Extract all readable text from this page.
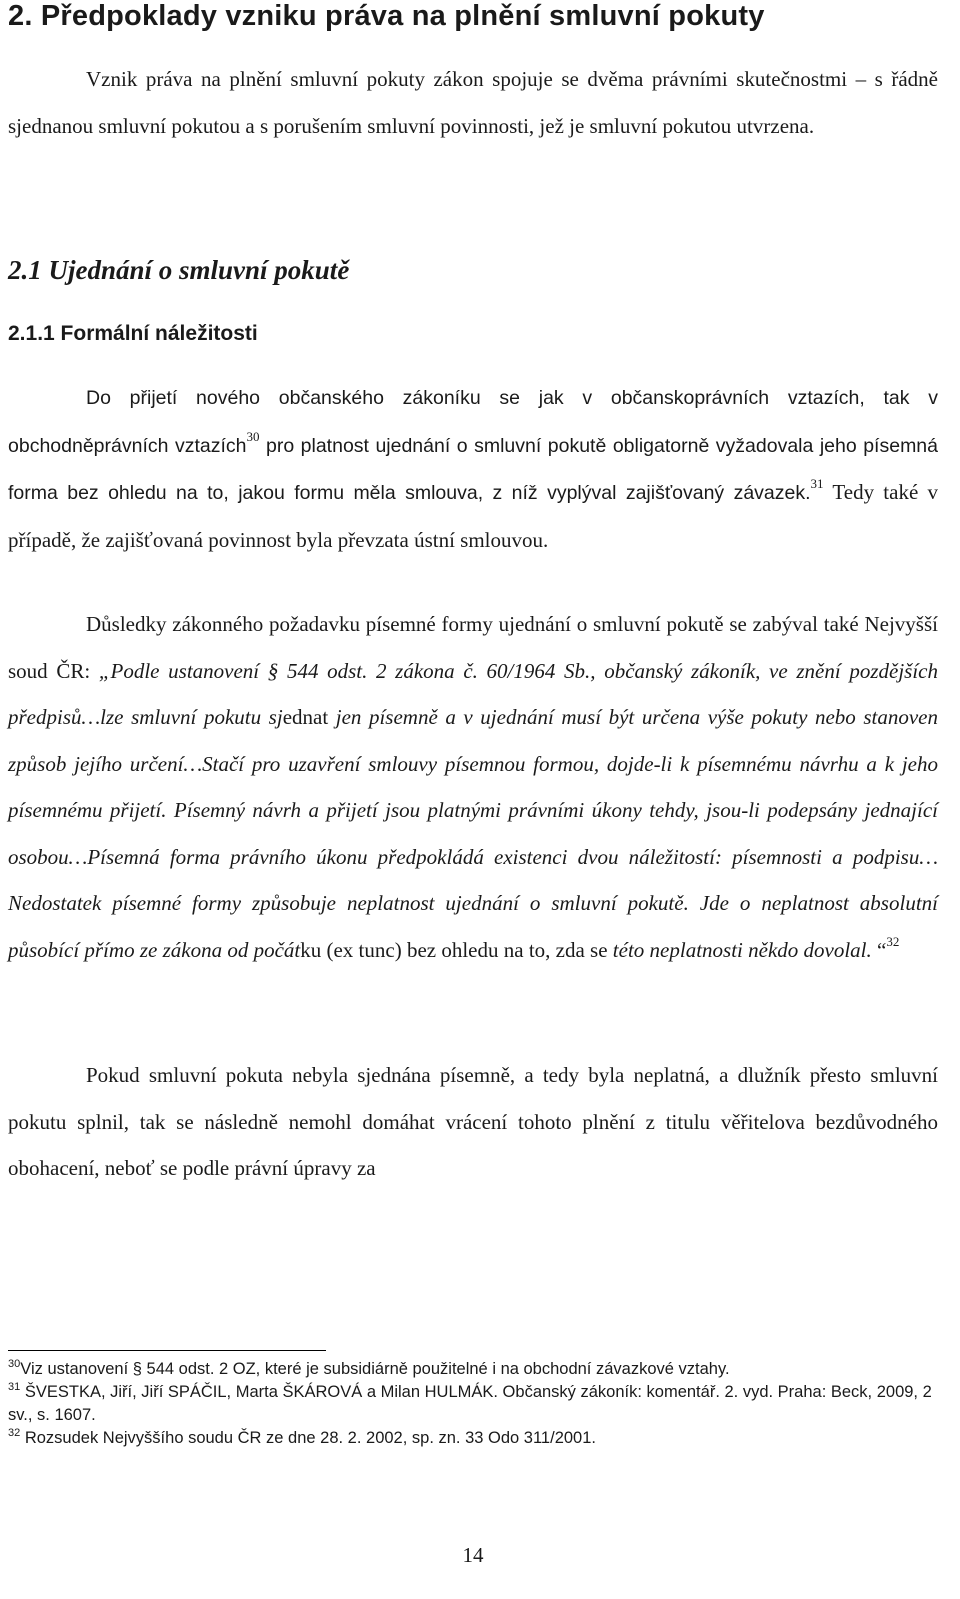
2. Předpoklady vzniku práva na plnění smluvní pokuty

Vznik práva na plnění smluvní pokuty zákon spojuje se dvěma právními skutečnostmi – s řádně sjednanou smluvní pokutou a s porušením smluvní povinnosti, jež je smluvní pokutou utvrzena.

2.1 Ujednání o smluvní pokutě
2.1.1 Formální náležitosti

Do přijetí nového občanského zákoníku se jak v občanskoprávních vztazích, tak v obchodněprávních vztazích$^{30}$ pro platnost ujednání o smluvní pokutě obligatorně vyžadovala jeho písemná forma bez ohledu na to, jakou formu měla smlouva, z níž vyplýval zajišťovaný závazek.$^{31}$ Tedy také v případě, že zajišťovaná povinnost byla převzata ústní smlouvou.

Důsledky zákonného požadavku písemné formy ujednání o smluvní pokutě se zabýval také Nejvyšší soud ČR: „Podle ustanovení § 544 odst. 2 zákona č. 60/1964 Sb., občanský zákoník, ve znění pozdějších předpisů…lze smluvní pokutu sjednat jen písemně a v ujednání musí být určena výše pokuty nebo stanoven způsob jejího určení…Stačí pro uzavření smlouvy písemnou formou, dojde-li k písemnému návrhu a k jeho písemnému přijetí. Písemný návrh a přijetí jsou platnými právními úkony tehdy, jsou-li podepsány jednající osobou…Písemná forma právního úkonu předpokládá existenci dvou náležitostí: písemnosti a podpisu…Nedostatek písemné formy způsobuje neplatnost ujednání o smluvní pokutě. Jde o neplatnost absolutní působící přímo ze zákona od počátku (ex tunc) bez ohledu na to, zda se této neplatnosti někdo dovolal. “$^{32}$

Pokud smluvní pokuta nebyla sjednána písemně, a tedy byla neplatná, a dlužník přesto smluvní pokutu splnil, tak se následně nemohl domáhat vrácení tohoto plnění z titulu věřitelova bezdůvodného obohacení, neboť se podle právní úpravy za

$^{30}$Viz ustanovení § 544 odst. 2 OZ, které je subsidiárně použitelné i na obchodní závazkové vztahy.

$^{31}$ ŠVESTKA, Jiří, Jiří SPÁČIL, Marta ŠKÁROVÁ a Milan HULMÁK. Občanský zákoník: komentář. 2. vyd. Praha: Beck, 2009, 2 sv., s. 1607.

$^{32}$ Rozsudek Nejvyššího soudu ČR ze dne 28. 2. 2002, sp. zn. 33 Odo 311/2001.

14
